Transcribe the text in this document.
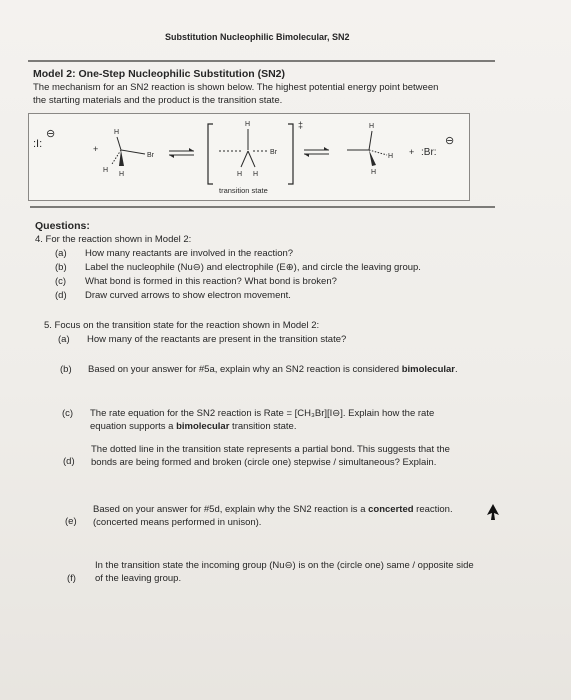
Substitution Nucleophilic Bimolecular, SN2
Model 2: One-Step Nucleophilic Substitution (SN2)
The mechanism for an SN2 reaction is shown below. The highest potential energy point between
the starting materials and the product is the transition state.
:I:
⊖
+
H
H
H
Br
‡
H
Br
H H
transition state
H
H
H
+ :Br:
⊖
Questions:
4. For the reaction shown in Model 2:
(a) How many reactants are involved in the reaction?
(b) Label the nucleophile (Nu⊖) and electrophile (E⊕), and circle the leaving group.
(c) What bond is formed in this reaction? What bond is broken?
(d) Draw curved arrows to show electron movement.
5. Focus on the transition state for the reaction shown in Model 2:
(a) How many of the reactants are present in the transition state?
(b) Based on your answer for #5a, explain why an SN2 reaction is considered bimolecular.
(c) The rate equation for the SN2 reaction is Rate = [CH₃Br][I⊖]. Explain how the rate
equation supports a bimolecular transition state.
(d)
The dotted line in the transition state represents a partial bond. This suggests that the
bonds are being formed and broken (circle one) stepwise / simultaneous? Explain.
(e)
Based on your answer for #5d, explain why the SN2 reaction is a concerted reaction.
(concerted means performed in unison).
(f)
In the transition state the incoming group (Nu⊖) is on the (circle one) same / opposite side
of the leaving group.
